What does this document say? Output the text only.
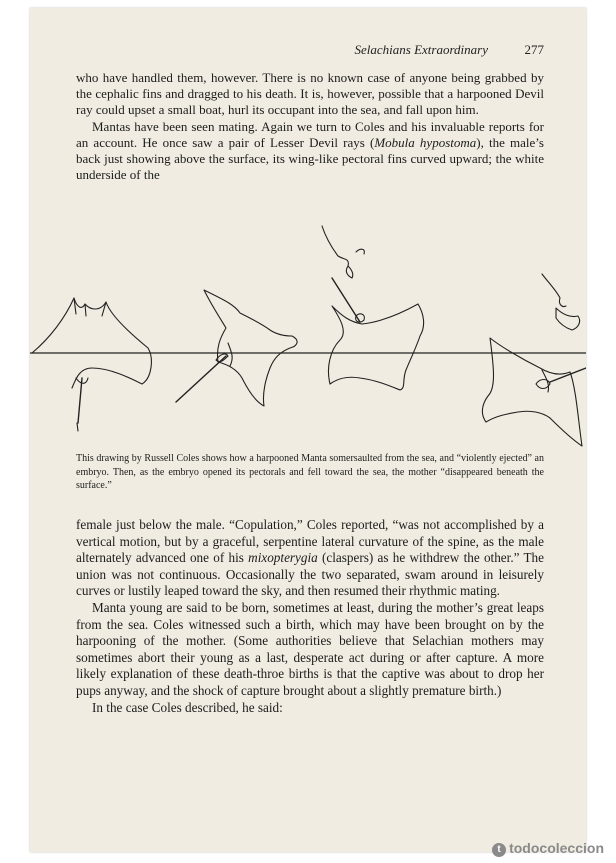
Selachians Extraordinary	277

who have handled them, however. There is no known case of anyone being grabbed by the cephalic fins and dragged to his death. It is, however, possible that a harpooned Devil ray could upset a small boat, hurl its occupant into the sea, and fall upon him.

Mantas have been seen mating. Again we turn to Coles and his invaluable reports for an account. He once saw a pair of Lesser Devil rays (Mobula hypostoma), the male’s back just showing above the surface, its wing-like pectoral fins curved upward; the white underside of the

This drawing by Russell Coles shows how a harpooned Manta somersaulted from the sea, and “violently ejected” an embryo. Then, as the embryo opened its pectorals and fell toward the sea, the mother “disappeared beneath the surface.”

female just below the male. “Copulation,” Coles reported, “was not accomplished by a vertical motion, but by a graceful, serpentine lateral curvature of the spine, as the male alternately advanced one of his mixopterygia (claspers) as he withdrew the other.” The union was not continuous. Occasionally the two separated, swam around in leisurely curves or lustily leaped toward the sky, and then resumed their rhythmic mating.

Manta young are said to be born, sometimes at least, during the mother’s great leaps from the sea. Coles witnessed such a birth, which may have been brought on by the harpooning of the mother. (Some authorities believe that Selachian mothers may sometimes abort their young as a last, desperate act during or after capture. A more likely explanation of these death-throe births is that the captive was about to drop her pups anyway, and the shock of capture brought about a slightly premature birth.)

In the case Coles described, he said:

t todocoleccion
